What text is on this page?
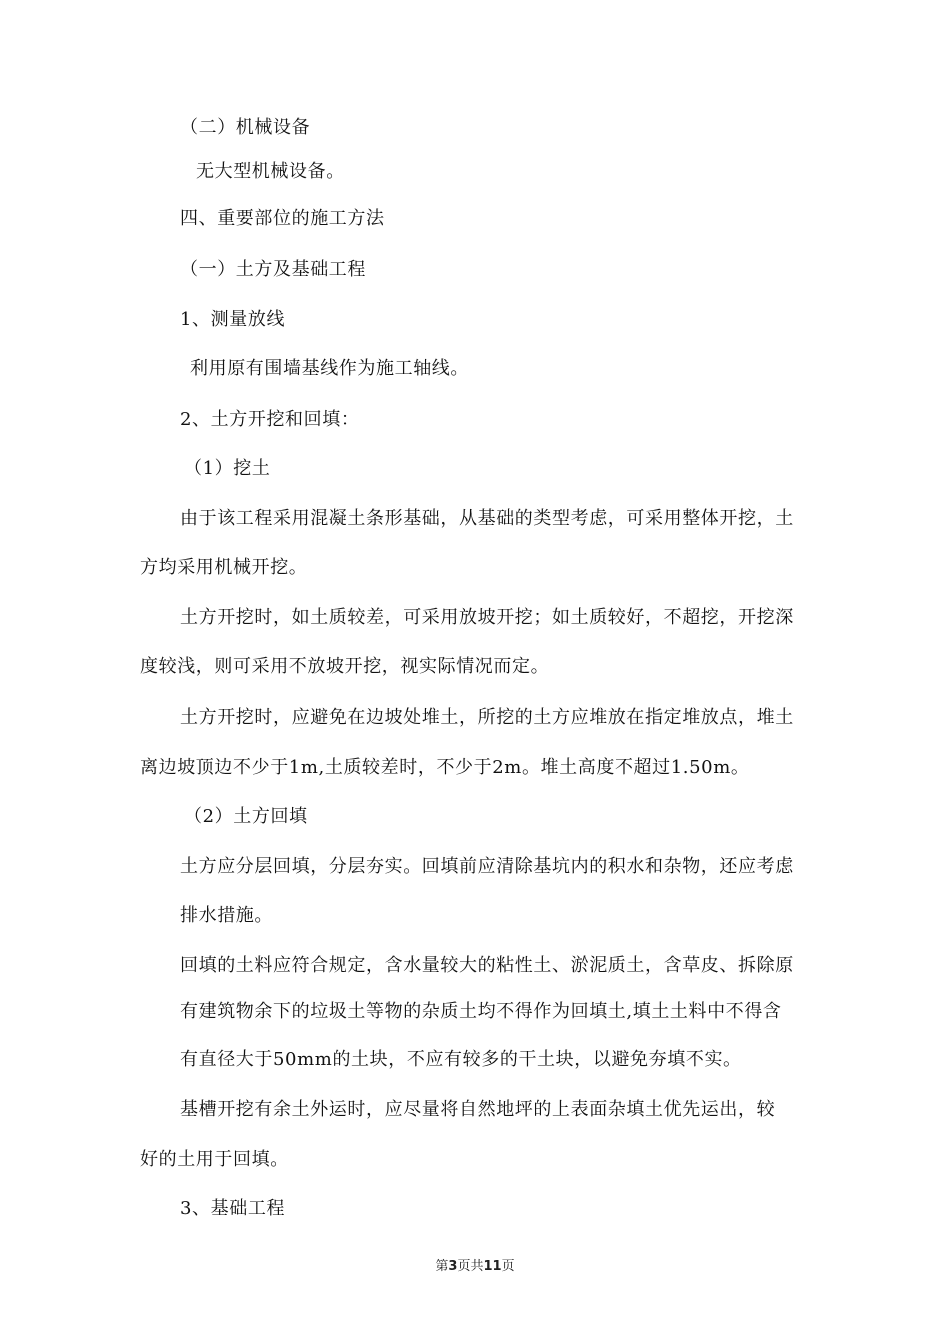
（二）机械设备
无大型机械设备。
四、重要部位的施工方法
（一）土方及基础工程
1、测量放线
利用原有围墙基线作为施工轴线。
2、土方开挖和回填：
（1）挖土
由于该工程采用混凝土条形基础，从基础的类型考虑，可采用整体开挖，土
方均采用机械开挖。
土方开挖时，如土质较差，可采用放坡开挖；如土质较好，不超挖，开挖深
度较浅，则可采用不放坡开挖，视实际情况而定。
土方开挖时，应避免在边坡处堆土，所挖的土方应堆放在指定堆放点，堆土
离边坡顶边不少于1m,土质较差时，不少于2m。堆土高度不超过1.50m。
（2）土方回填
土方应分层回填，分层夯实。回填前应清除基坑内的积水和杂物，还应考虑
排水措施。
回填的土料应符合规定，含水量较大的粘性土、淤泥质土，含草皮、拆除原
有建筑物余下的垃圾土等物的杂质土均不得作为回填土,填土土料中不得含
有直径大于50mm的土块，不应有较多的干土块，以避免夯填不实。
基槽开挖有余土外运时，应尽量将自然地坪的上表面杂填土优先运出，较
好的土用于回填。
3、基础工程
第3页共11页
